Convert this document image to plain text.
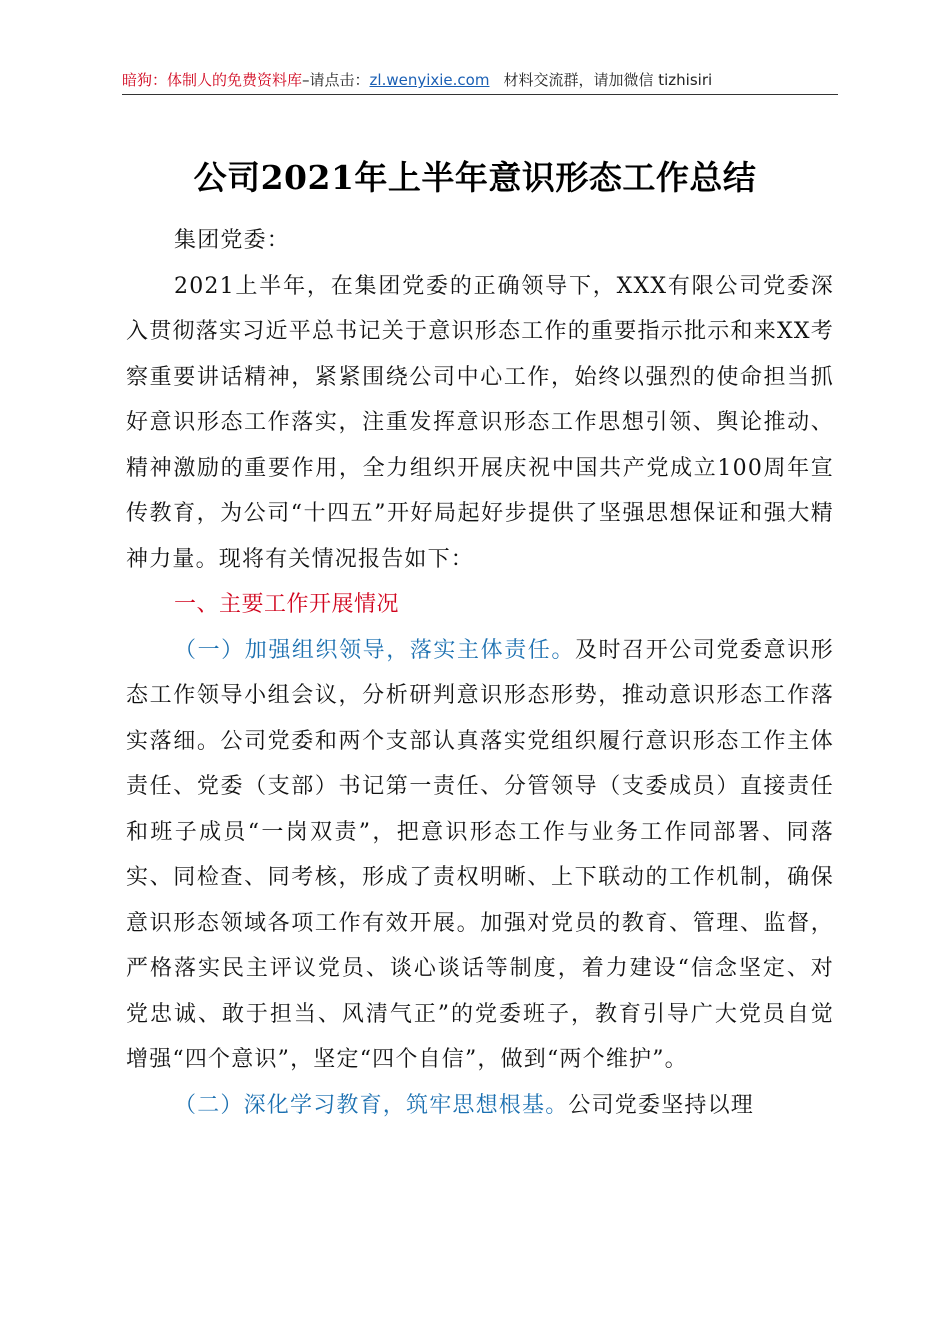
暗狗：体制人的免费资料库–请点击：zl.wenyixie.com 材料交流群，请加微信 tizhisiri
公司2021年上半年意识形态工作总结

集团党委：

2021上半年，在集团党委的正确领导下，XXX有限公司党委深入贯彻落实习近平总书记关于意识形态工作的重要指示批示和来XX考察重要讲话精神，紧紧围绕公司中心工作，始终以强烈的使命担当抓好意识形态工作落实，注重发挥意识形态工作思想引领、舆论推动、精神激励的重要作用，全力组织开展庆祝中国共产党成立100周年宣传教育，为公司“十四五”开好局起好步提供了坚强思想保证和强大精神力量。现将有关情况报告如下：

一、主要工作开展情况

（一）加强组织领导，落实主体责任。及时召开公司党委意识形态工作领导小组会议，分析研判意识形态形势，推动意识形态工作落实落细。公司党委和两个支部认真落实党组织履行意识形态工作主体责任、党委（支部）书记第一责任、分管领导（支委成员）直接责任和班子成员“一岗双责”，把意识形态工作与业务工作同部署、同落实、同检查、同考核，形成了责权明晰、上下联动的工作机制，确保意识形态领域各项工作有效开展。加强对党员的教育、管理、监督，严格落实民主评议党员、谈心谈话等制度，着力建设“信念坚定、对党忠诚、敢于担当、风清气正”的党委班子，教育引导广大党员自觉增强“四个意识”，坚定“四个自信”，做到“两个维护”。

（二）深化学习教育，筑牢思想根基。公司党委坚持以理
